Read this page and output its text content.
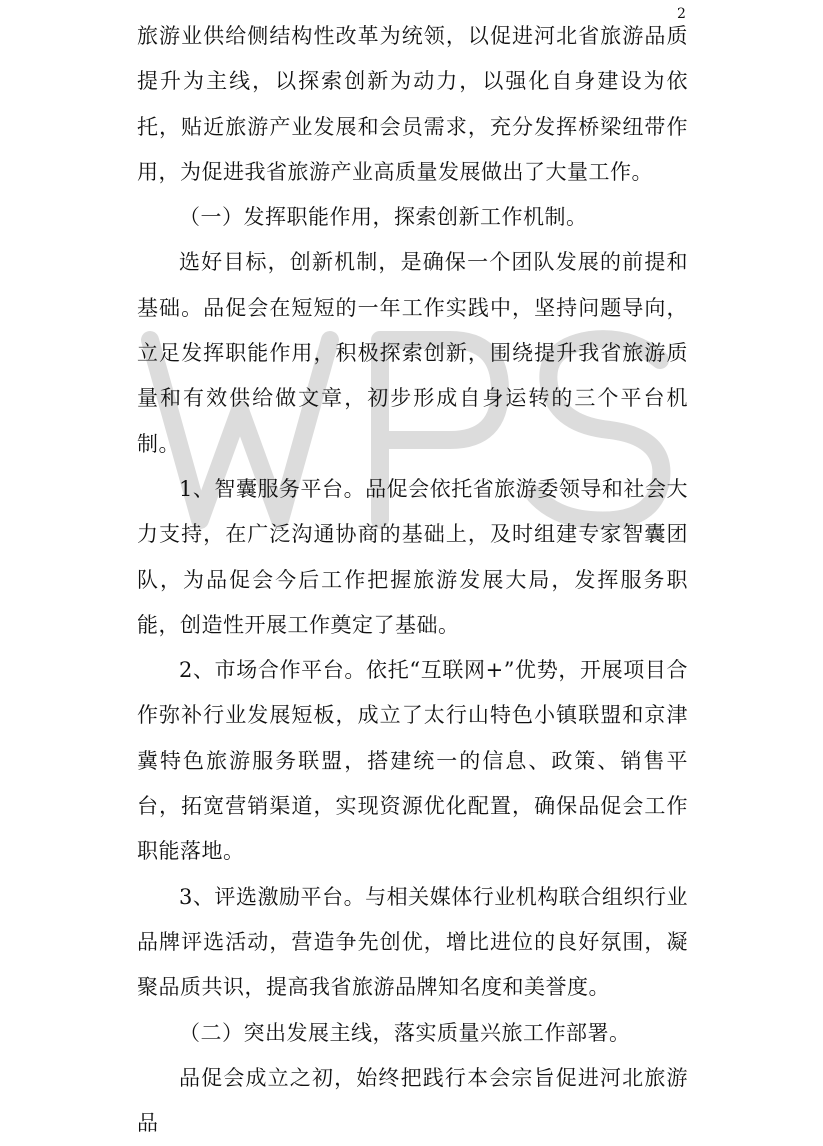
2

旅游业供给侧结构性改革为统领，以促进河北省旅游品质提升为主线，以探索创新为动力，以强化自身建设为依托，贴近旅游产业发展和会员需求，充分发挥桥梁纽带作用，为促进我省旅游产业高质量发展做出了大量工作。

（一）发挥职能作用，探索创新工作机制。

选好目标，创新机制，是确保一个团队发展的前提和基础。品促会在短短的一年工作实践中，坚持问题导向，立足发挥职能作用，积极探索创新，围绕提升我省旅游质量和有效供给做文章，初步形成自身运转的三个平台机制。

1、智囊服务平台。品促会依托省旅游委领导和社会大力支持，在广泛沟通协商的基础上，及时组建专家智囊团队，为品促会今后工作把握旅游发展大局，发挥服务职能，创造性开展工作奠定了基础。

2、市场合作平台。依托“互联网+”优势，开展项目合作弥补行业发展短板，成立了太行山特色小镇联盟和京津冀特色旅游服务联盟，搭建统一的信息、政策、销售平台，拓宽营销渠道，实现资源优化配置，确保品促会工作职能落地。

3、评选激励平台。与相关媒体行业机构联合组织行业品牌评选活动，营造争先创优，增比进位的良好氛围，凝聚品质共识，提高我省旅游品牌知名度和美誉度。

（二）突出发展主线，落实质量兴旅工作部署。

品促会成立之初，始终把践行本会宗旨促进河北旅游品
